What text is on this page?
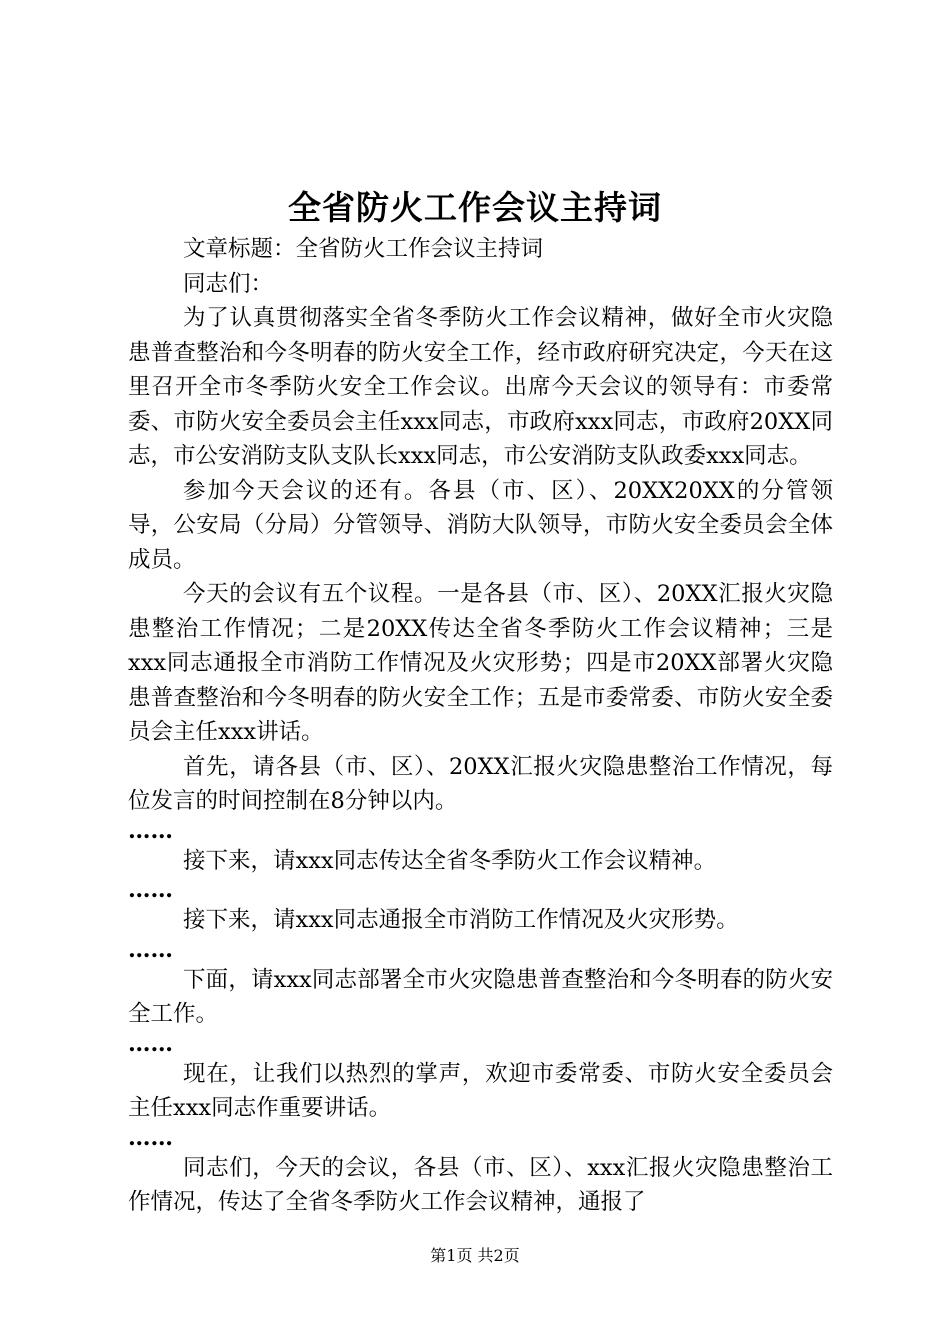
全省防火工作会议主持词

文章标题：全省防火工作会议主持词

同志们：

为了认真贯彻落实全省冬季防火工作会议精神，做好全市火灾隐患普查整治和今冬明春的防火安全工作，经市政府研究决定，今天在这里召开全市冬季防火安全工作会议。出席今天会议的领导有：市委常委、市防火安全委员会主任xxx同志，市政府xxx同志，市政府20XX同志，市公安消防支队支队长xxx同志，市公安消防支队政委xxx同志。

参加今天会议的还有。各县（市、区）、20XX20XX的分管领导，公安局（分局）分管领导、消防大队领导，市防火安全委员会全体成员。

今天的会议有五个议程。一是各县（市、区）、20XX汇报火灾隐患整治工作情况；二是20XX传达全省冬季防火工作会议精神；三是xxx同志通报全市消防工作情况及火灾形势；四是市20XX部署火灾隐患普查整治和今冬明春的防火安全工作；五是市委常委、市防火安全委员会主任xxx讲话。

首先，请各县（市、区）、20XX汇报火灾隐患整治工作情况，每位发言的时间控制在8分钟以内。

……

接下来，请xxx同志传达全省冬季防火工作会议精神。

……

接下来，请xxx同志通报全市消防工作情况及火灾形势。

……

下面，请xxx同志部署全市火灾隐患普查整治和今冬明春的防火安全工作。

……

现在，让我们以热烈的掌声，欢迎市委常委、市防火安全委员会主任xxx同志作重要讲话。

……

同志们，今天的会议，各县（市、区）、xxx汇报火灾隐患整治工作情况，传达了全省冬季防火工作会议精神，通报了

第1页 共2页
